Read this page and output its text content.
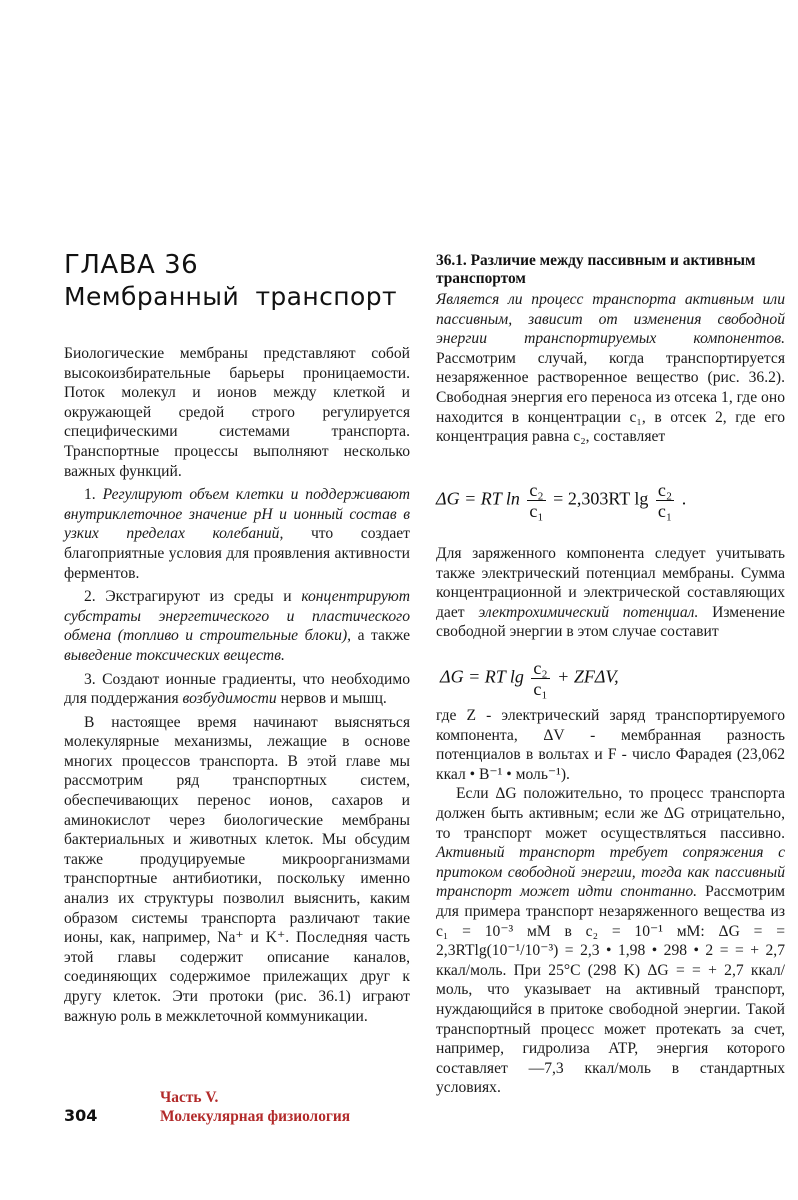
ГЛАВА 36
Мембранный транспорт

Биологические мембраны представляют собой высокоизбирательные барьеры проницаемости. Поток молекул и ионов между клеткой и окружающей средой строго регулируется специфическими системами транспорта. Транспортные процессы выполняют несколько важных функций.

1. Регулируют объем клетки и поддерживают внутриклеточное значение pH и ионный состав в узких пределах колебаний, что создает благоприятные условия для проявления активности ферментов.

2. Экстрагируют из среды и концентрируют субстраты энергетического и пластического обмена (топливо и строительные блоки), а также выведение токсических веществ.

3. Создают ионные градиенты, что необходимо для поддержания возбудимости нервов и мышц.

В настоящее время начинают выясняться молекулярные механизмы, лежащие в основе многих процессов транспорта. В этой главе мы рассмотрим ряд транспортных систем, обеспечивающих перенос ионов, сахаров и аминокислот через биологические мембраны бактериальных и животных клеток. Мы обсудим также продуцируемые микроорганизмами транспортные антибиотики, поскольку именно анализ их структуры позволил выяснить, каким образом системы транспорта различают такие ионы, как, например, Na⁺ и K⁺. Последняя часть этой главы содержит описание каналов, соединяющих содержимое прилежащих друг к другу клеток. Эти протоки (рис. 36.1) играют важную роль в межклеточной коммуникации.

36.1. Различие между пассивным и активным транспортом

Является ли процесс транспорта активным или пассивным, зависит от изменения свободной энергии транспортируемых компонентов. Рассмотрим случай, когда транспортируется незаряженное растворенное вещество (рис. 36.2). Свободная энергия его переноса из отсека 1, где оно находится в концентрации c₁, в отсек 2, где его концентрация равна c₂, составляет

ΔG = RT $\ln \frac{\text{c₂}}{\text{c₁}} = 2,303RT$ $\lg \frac{\text{c₂}}{\text{c₁}}$ .

Для заряженного компонента следует учитывать также электрический потенциал мембраны. Сумма концентрационной и электрической составляющих дает электрохимический потенциал. Изменение свободной энергии в этом случае составит

ΔG = RT $\lg \frac{\text{c₂}}{\text{c₁}} + ZF\Delta V$,

где Z - электрический заряд транспортируемого компонента, ΔV - мембранная разность потенциалов в вольтах и F - число Фарадея (23,062 ккал • В⁻¹ • моль⁻¹).

Если ΔG положительно, то процесс транспорта должен быть активным; если же ΔG отрицательно, то транспорт может осуществляться пассивно. Активный транспорт требует сопряжения с притоком свободной энергии, тогда как пассивный транспорт может идти спонтанно. Рассмотрим для примера транспорт незаряженного вещества из c₁ = 10⁻³ мМ в c₂ = 10⁻¹ мМ: ΔG = = 2,3RTlg(10⁻¹/10⁻³) = 2,3 • 1,98 • 298 • 2 = = + 2,7 ккал/моль. При 25°С (298 K) ΔG = = + 2,7 ккал/моль, что указывает на активный транспорт, нуждающийся в притоке свободной энергии. Такой транспортный процесс может протекать за счет, например, гидролиза ATP, энергия которого составляет —7,3 ккал/моль в стандартных условиях.

304
Часть V.
Молекулярная физиология
